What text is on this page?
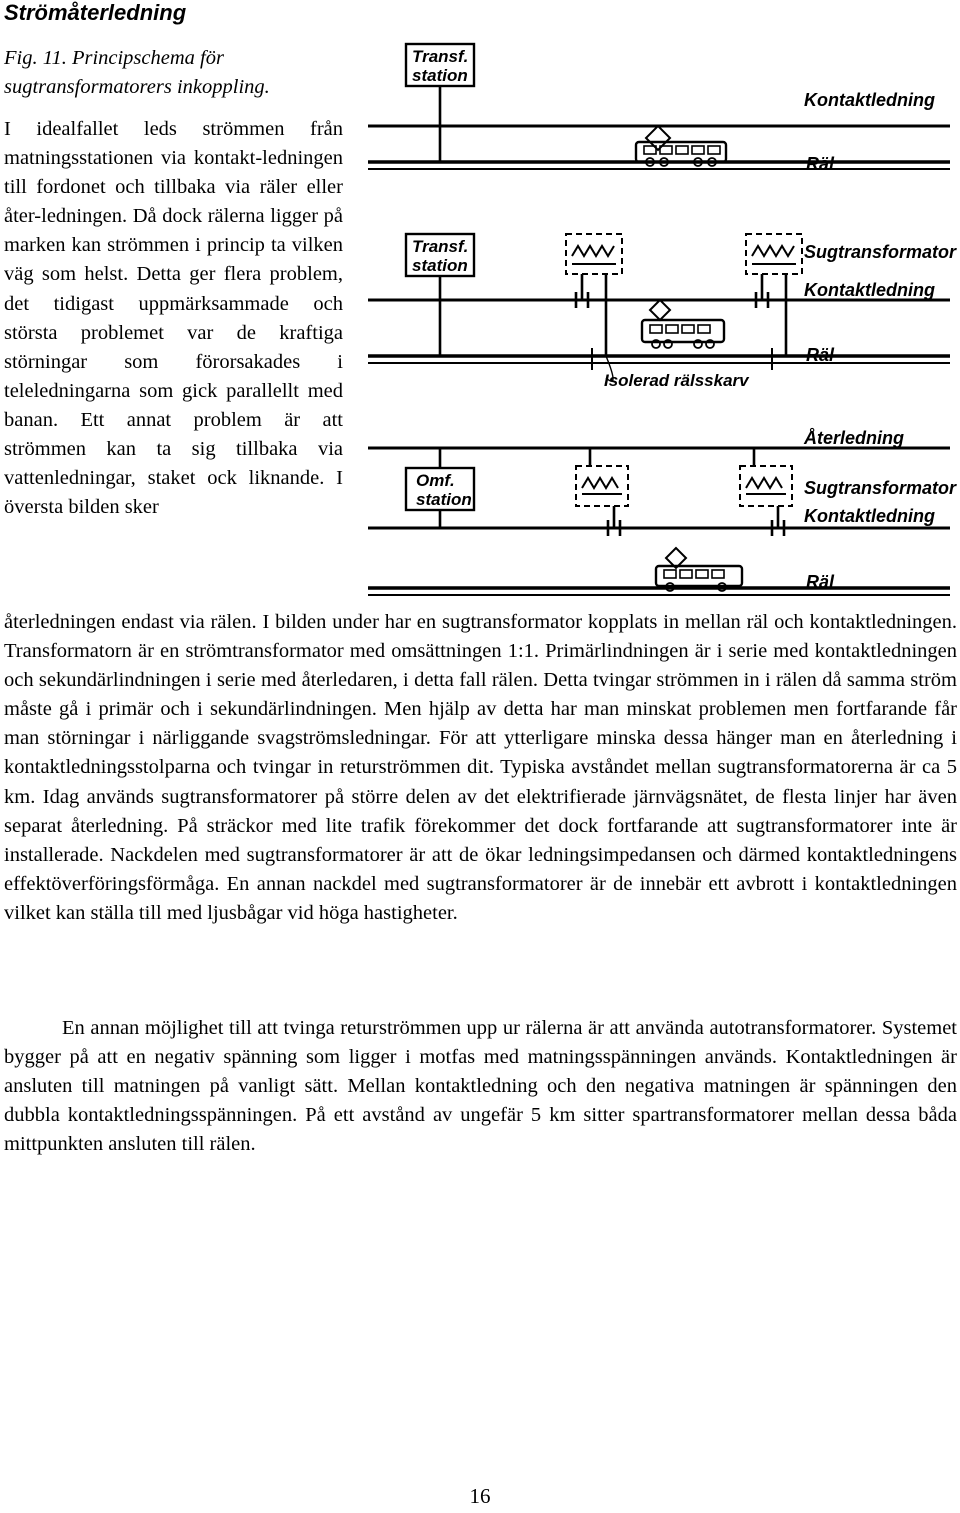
Strömåterledning

Fig. 11. Principschema för sugtransformatorers inkoppling.

I idealfallet leds strömmen från matningsstationen via kontakt-ledningen till fordonet och tillbaka via räler eller åter-ledningen. Då dock rälerna ligger på marken kan strömmen i princip ta vilken väg som helst. Detta ger flera problem, det tidigast uppmärksammade och största problemet var de kraftiga störningar som förorsakades i teleledningarna som gick parallellt med banan. Ett annat problem är att strömmen kan ta sig tillbaka via vattenledningar, staket ock liknande. I översta bilden sker

återledningen endast via rälen. I bilden under har en sugtransformator kopplats in mellan räl och kontaktledningen. Transformatorn är en strömtransformator med omsättningen 1:1. Primärlindningen är i serie med kontaktledningen och sekundärlindningen i serie med återledaren, i detta fall rälen. Detta tvingar strömmen in i rälen då samma ström måste gå i primär och i sekundärlindningen. Men hjälp av detta har man minskat problemen men fortfarande får man störningar i närliggande svagströmsledningar. För att ytterligare minska dessa hänger man en återledning i kontaktledningsstolparna och tvingar in returströmmen dit. Typiska avståndet mellan sugtransformatorerna är ca 5 km. Idag används sugtransformatorer på större delen av det elektrifierade järnvägsnätet, de flesta linjer har även separat återledning. På sträckor med lite trafik förekommer det dock fortfarande att sugtransformatorer inte är installerade. Nackdelen med sugtransformatorer är att de ökar ledningsimpedansen och därmed kontaktledningens effektöverföringsförmåga. En annan nackdel med sugtransformatorer är de innebär ett avbrott i kontaktledningen vilket kan ställa till med ljusbågar vid höga hastigheter.

En annan möjlighet till att tvinga returströmmen upp ur rälerna är att använda autotransformatorer. Systemet bygger på att en negativ spänning som ligger i motfas med matningsspänningen används. Kontaktledningen är ansluten till matningen på vanligt sätt. Mellan kontaktledning och den negativa matningen är spänningen den dubbla kontaktledningsspänningen. På ett avstånd av ungefär 5 km sitter spartransformatorer mellan dessa båda mittpunkten ansluten till rälen.

16
Transf.
station
Kontaktledning
Räl
Transf.
station
Sugtransformator
Kontaktledning
Räl
Isolerad rälsskarv
Omf.
station
Återledning
Sugtransformator
Kontaktledning
Räl
